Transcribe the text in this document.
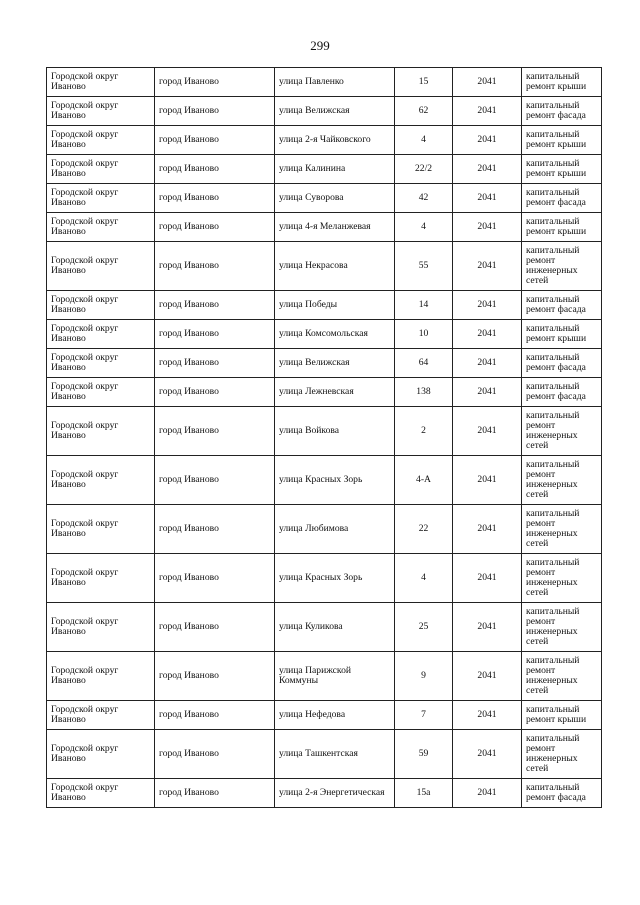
299
Городской округ Иваново	город Иваново	улица Павленко	15	2041	капитальный ремонт крыши
Городской округ Иваново	город Иваново	улица Велижская	62	2041	капитальный ремонт фасада
Городской округ Иваново	город Иваново	улица 2-я Чайковского	4	2041	капитальный ремонт крыши
Городской округ Иваново	город Иваново	улица Калинина	22/2	2041	капитальный ремонт крыши
Городской округ Иваново	город Иваново	улица Суворова	42	2041	капитальный ремонт фасада
Городской округ Иваново	город Иваново	улица 4-я Меланжевая	4	2041	капитальный ремонт крыши
Городской округ Иваново	город Иваново	улица Некрасова	55	2041	капитальный ремонт инженерных сетей
Городской округ Иваново	город Иваново	улица Победы	14	2041	капитальный ремонт фасада
Городской округ Иваново	город Иваново	улица Комсомольская	10	2041	капитальный ремонт крыши
Городской округ Иваново	город Иваново	улица Велижская	64	2041	капитальный ремонт фасада
Городской округ Иваново	город Иваново	улица Лежневская	138	2041	капитальный ремонт фасада
Городской округ Иваново	город Иваново	улица Войкова	2	2041	капитальный ремонт инженерных сетей
Городской округ Иваново	город Иваново	улица Красных Зорь	4-А	2041	капитальный ремонт инженерных сетей
Городской округ Иваново	город Иваново	улица Любимова	22	2041	капитальный ремонт инженерных сетей
Городской округ Иваново	город Иваново	улица Красных Зорь	4	2041	капитальный ремонт инженерных сетей
Городской округ Иваново	город Иваново	улица Куликова	25	2041	капитальный ремонт инженерных сетей
Городской округ Иваново	город Иваново	улица Парижской Коммуны	9	2041	капитальный ремонт инженерных сетей
Городской округ Иваново	город Иваново	улица Нефедова	7	2041	капитальный ремонт крыши
Городской округ Иваново	город Иваново	улица Ташкентская	59	2041	капитальный ремонт инженерных сетей
Городской округ Иваново	город Иваново	улица 2-я Энергетическая	15а	2041	капитальный ремонт фасада
